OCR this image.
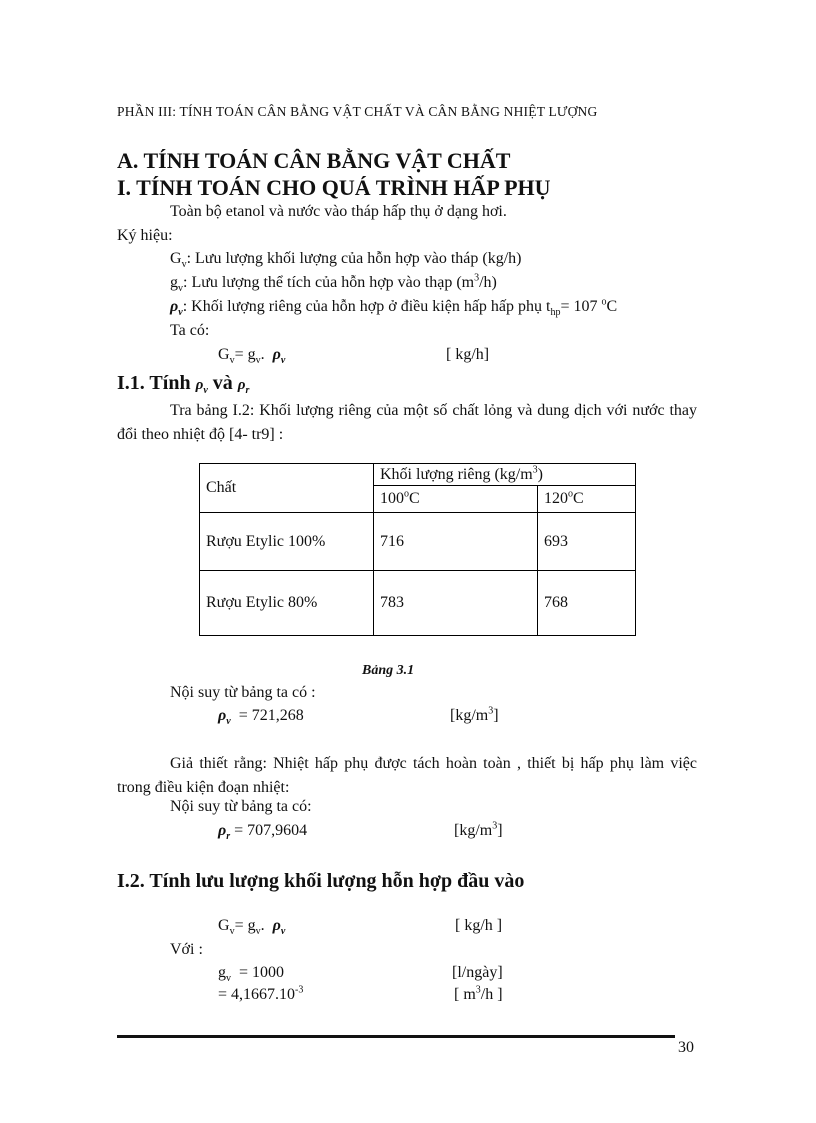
PHẦN III: TÍNH TOÁN CÂN BẰNG VẬT CHẤT VÀ CÂN BẰNG NHIỆT LƯỢNG
A. TÍNH TOÁN CÂN BẰNG VẬT CHẤT
I. TÍNH TOÁN CHO QUÁ TRÌNH HẤP PHỤ
Toàn bộ etanol và nước vào tháp hấp thụ ở dạng hơi.
Ký hiệu:
$G_v$: Lưu lượng khối lượng của hỗn hợp vào tháp (kg/h)
$g_v$: Lưu lượng thể tích của hỗn hợp vào thạp $(m^3/h)$
$\rho_v$: Khối lượng riêng của hỗn hợp ở điều kiện hấp hấp phụ $t_{hp}= 107$ $^o$C
Ta có:
$G_v= g_v$.  $\rho_v$	[ kg/h]
I.1. Tính $\rho_v$ và $\rho_r$
Tra bảng I.2: Khối lượng riêng của một số chất lỏng và dung dịch với nước thay đổi theo nhiệt độ [4- tr9] :
Chất	Khối lượng riêng $(kg/m^3)$	
	100$^o$C	120$^o$C
Rượu Etylic 100%	716	693
Rượu Etylic 80%	783	768
Bảng 3.1
Nội suy từ bảng ta có :
$\rho_v = 721,268$	$[kg/m^3]$
Giả thiết rằng: Nhiệt hấp phụ được tách hoàn toàn , thiết bị hấp phụ làm việc trong điều kiện đoạn nhiệt:
Nội suy từ bảng ta có:
$\rho_r = 707,9604$	$[kg/m^3]$
I.2. Tính lưu lượng khối lượng hỗn hợp đầu vào
$G_v= g_v$.  $\rho_v$	[ kg/h ]
Với :
$g_v = 1000$	[l/ngày]
= $4,1667.10^{-3}$	[ $m^3/h$ ]
30
